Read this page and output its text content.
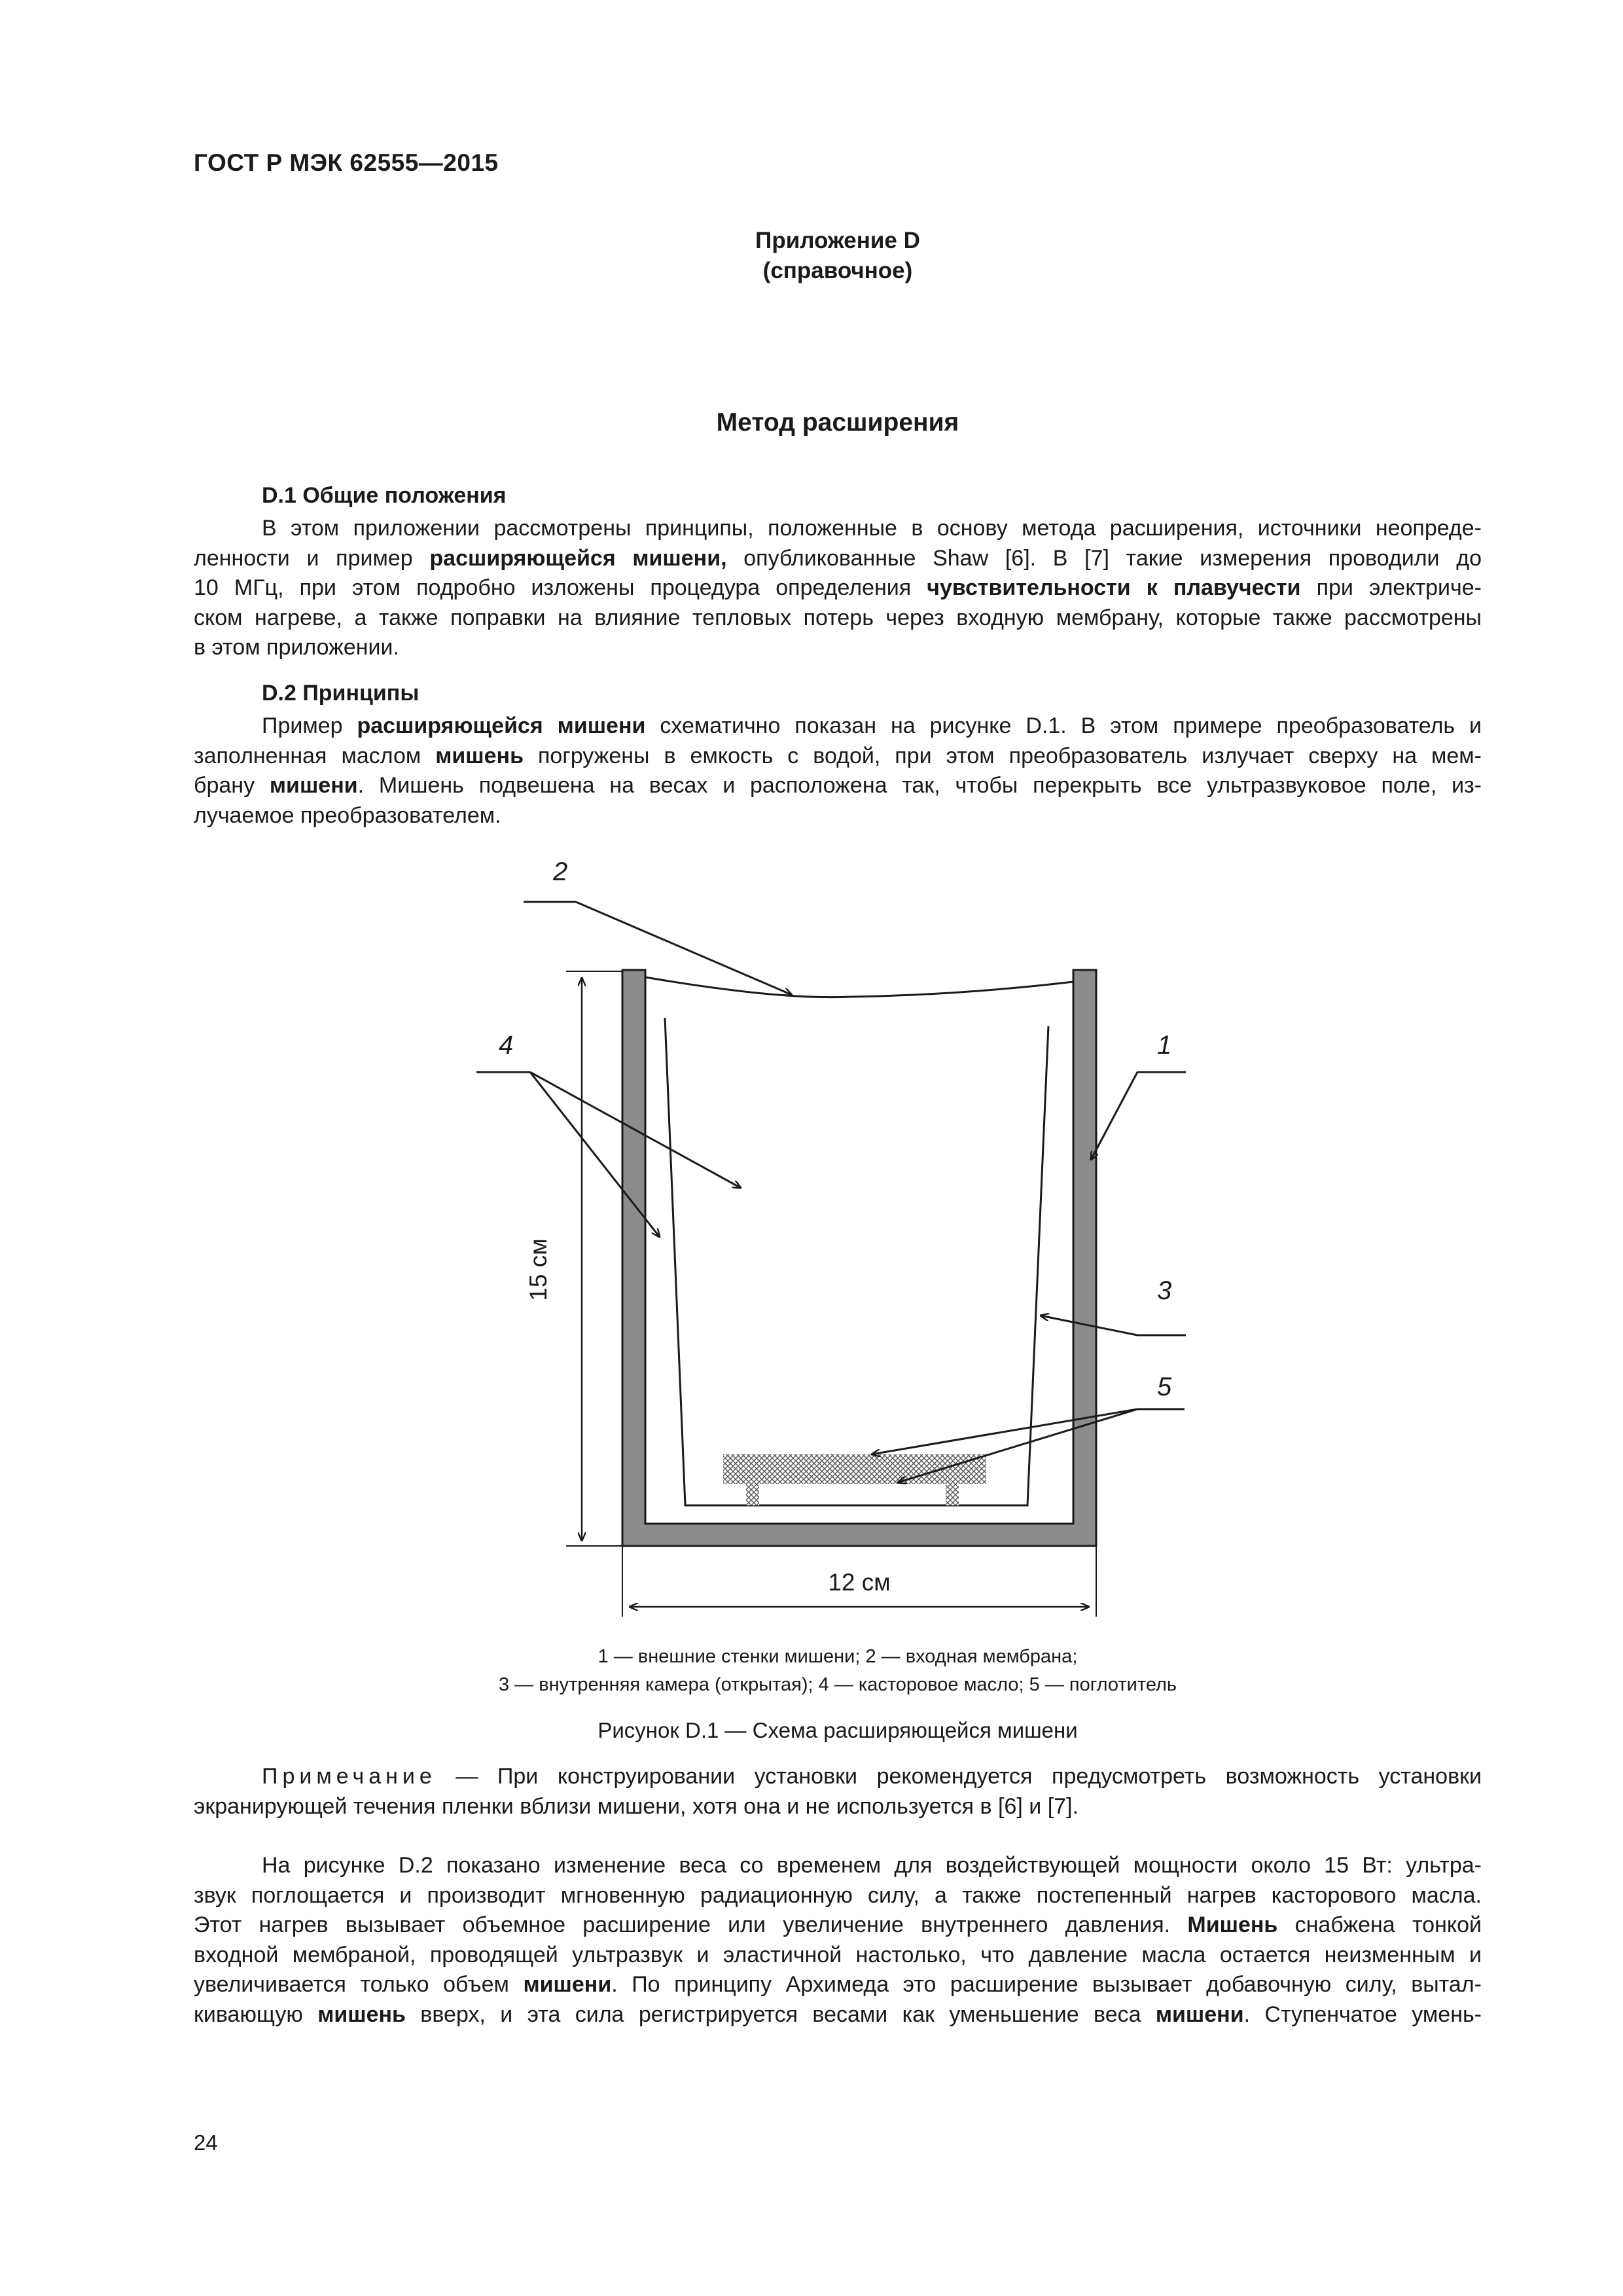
ГОСТ Р МЭК 62555—2015
Приложение D
(справочное)
Метод расширения
D.1 Общие положения
В этом приложении рассмотрены принципы, положенные в основу метода расширения, источники неопреде-
ленности и пример расширяющейся мишени, опубликованные Shaw [6]. В [7] такие измерения проводили до
10 МГц, при этом подробно изложены процедура определения чувствительности к плавучести при электриче-
ском нагреве, а также поправки на влияние тепловых потерь через входную мембрану, которые также рассмотрены
в этом приложении.
D.2 Принципы
Пример расширяющейся мишени схематично показан на рисунке D.1. В этом примере преобразователь и
заполненная маслом мишень погружены в емкость с водой, при этом преобразователь излучает сверху на мем-
брану мишени. Мишень подвешена на весах и расположена так, чтобы перекрыть все ультразвуковое поле, из-
лучаемое преобразователем.
15 см
12 см
2
4	1
3
5
1 — внешние стенки мишени; 2 — входная мембрана;
3 — внутренняя камера (открытая); 4 — касторовое масло; 5 — поглотитель
Рисунок D.1 — Схема расширяющейся мишени
Примечание — При конструировании установки рекомендуется предусмотреть возможность установки
экранирующей течения пленки вблизи мишени, хотя она и не используется в [6] и [7].
На рисунке D.2 показано изменение веса со временем для воздействующей мощности около 15 Вт: ультра-
звук поглощается и производит мгновенную радиационную силу, а также постепенный нагрев касторового масла.
Этот нагрев вызывает объемное расширение или увеличение внутреннего давления. Мишень снабжена тонкой
входной мембраной, проводящей ультразвук и эластичной настолько, что давление масла остается неизменным и
увеличивается только объем мишени. По принципу Архимеда это расширение вызывает добавочную силу, вытал-
кивающую мишень вверх, и эта сила регистрируется весами как уменьшение веса мишени. Ступенчатое умень-
24
